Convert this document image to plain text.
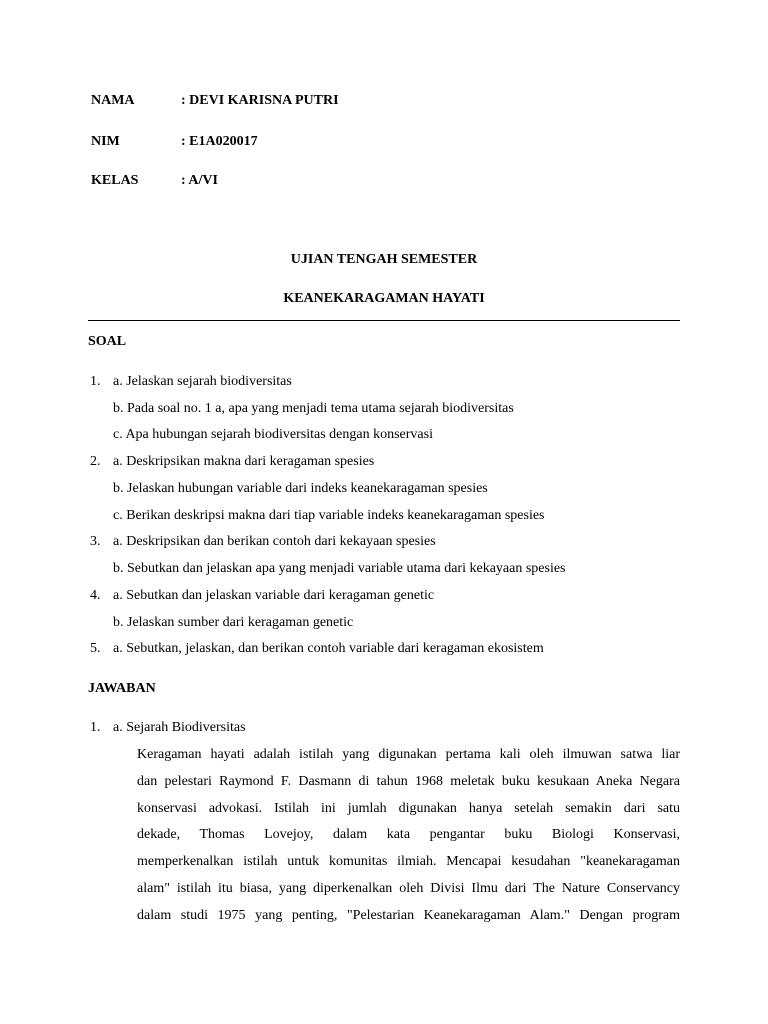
NAMA	: DEVI KARISNA PUTRI
NIM	: E1A020017
KELAS	: A/VI
UJIAN TENGAH SEMESTER
KEANEKARAGAMAN HAYATI
SOAL
1. a. Jelaskan sejarah biodiversitas
b. Pada soal no. 1 a, apa yang menjadi tema utama sejarah biodiversitas
c. Apa hubungan sejarah biodiversitas dengan konservasi
2. a. Deskripsikan makna dari keragaman spesies
b. Jelaskan hubungan variable dari indeks keanekaragaman spesies
c. Berikan deskripsi makna dari tiap variable indeks keanekaragaman spesies
3. a. Deskripsikan dan berikan contoh dari kekayaan spesies
b. Sebutkan dan jelaskan apa yang menjadi variable utama dari kekayaan spesies
4. a. Sebutkan dan jelaskan variable dari keragaman genetic
b. Jelaskan sumber dari keragaman genetic
5. a. Sebutkan, jelaskan, dan berikan contoh variable dari keragaman ekosistem
JAWABAN
1. a. Sejarah Biodiversitas
Keragaman hayati adalah istilah yang digunakan pertama kali oleh ilmuwan satwa liar
dan pelestari Raymond F. Dasmann di tahun 1968 meletak buku kesukaan Aneka Negara
konservasi advokasi. Istilah ini jumlah digunakan hanya setelah semakin dari satu
dekade, Thomas Lovejoy, dalam kata pengantar buku Biologi Konservasi,
memperkenalkan istilah untuk komunitas ilmiah. Mencapai kesudahan "keanekaragaman
alam" istilah itu biasa, yang diperkenalkan oleh Divisi Ilmu dari The Nature Conservancy
dalam studi 1975 yang penting, "Pelestarian Keanekaragaman Alam." Dengan program
